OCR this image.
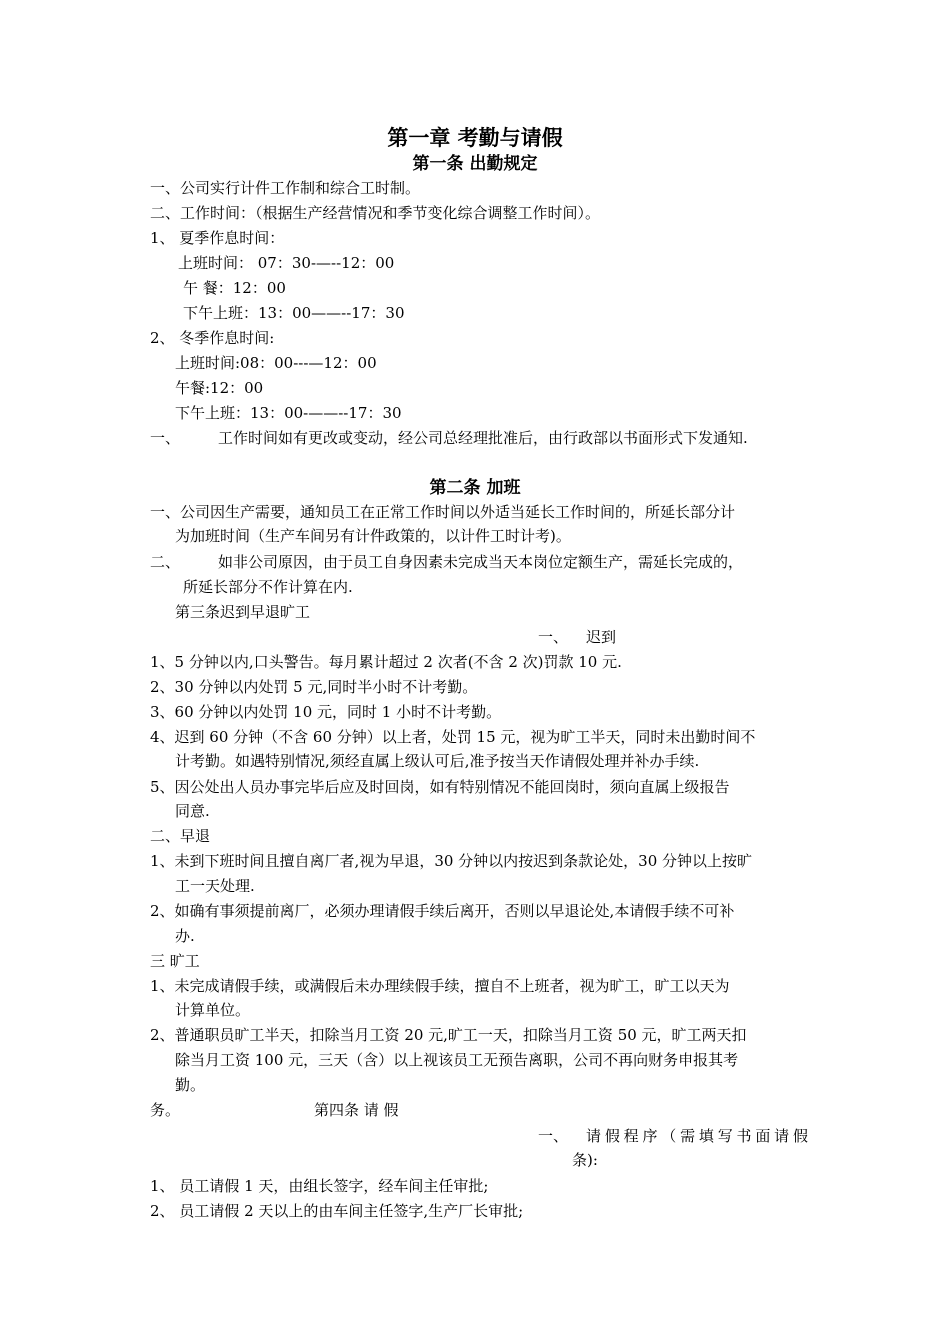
第一章 考勤与请假
第一条 出勤规定
一、公司实行计件工作制和综合工时制。
二、工作时间：（根据生产经营情况和季节变化综合调整工作时间）。
1、 夏季作息时间：
上班时间： 07：30-—--12：00
午 餐：12：00
下午上班：13：00——--17：30
2、 冬季作息时间:
上班时间:08：00---—12：00
午餐:12：00
下午上班：13：00-——--17：30
一、	工作时间如有更改或变动，经公司总经理批准后，由行政部以书面形式下发通知.
第二条 加班
一、公司因生产需要，通知员工在正常工作时间以外适当延长工作时间的，所延长部分计
为加班时间（生产车间另有计件政策的，以计件工时计考)。
二、	如非公司原因，由于员工自身因素未完成当天本岗位定额生产，需延长完成的，
所延长部分不作计算在内.
第三条迟到早退旷工
一、 迟到
1、5 分钟以内,口头警告。每月累计超过 2 次者(不含 2 次)罚款 10 元.
2、30 分钟以内处罚 5 元,同时半小时不计考勤。
3、60 分钟以内处罚 10 元，同时 1 小时不计考勤。
4、迟到 60 分钟（不含 60 分钟）以上者，处罚 15 元，视为旷工半天，同时未出勤时间不
计考勤。如遇特别情况,须经直属上级认可后,准予按当天作请假处理并补办手续.
5、因公处出人员办事完毕后应及时回岗，如有特别情况不能回岗时，须向直属上级报告
同意.
二、早退
1、未到下班时间且擅自离厂者,视为早退，30 分钟以内按迟到条款论处，30 分钟以上按旷
工一天处理.
2、如确有事须提前离厂，必须办理请假手续后离开，否则以早退论处,本请假手续不可补
办.
三 旷工
1、未完成请假手续，或满假后未办理续假手续，擅自不上班者，视为旷工，旷工以天为
计算单位。
2、普通职员旷工半天，扣除当月工资 20 元,旷工一天，扣除当月工资 50 元，旷工两天扣
除当月工资 100 元，三天（含）以上视该员工无预告离职，公司不再向财务申报其考
勤。
务。	第四条 请 假
一、 请假程序（需填写书面请假
条):
1、 员工请假 1 天，由组长签字，经车间主任审批;
2、 员工请假 2 天以上的由车间主任签字,生产厂长审批;
